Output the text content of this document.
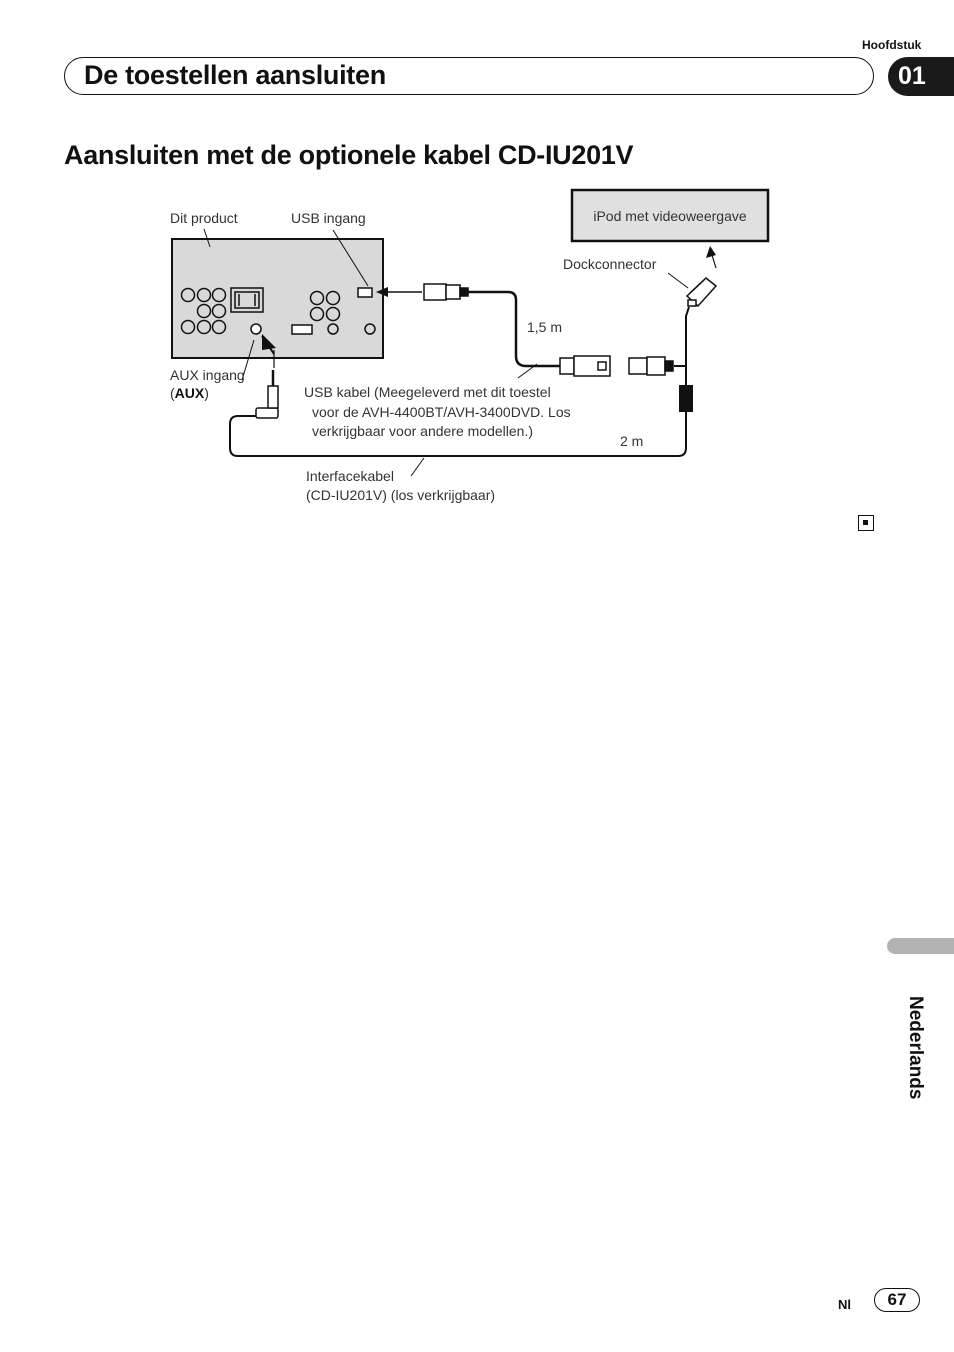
Hoofdstuk
De toestellen aansluiten	01
Aansluiten met de optionele kabel CD-IU201V
Dit product	USB ingang	iPod met videoweergave
Dockconnector
1,5 m
AUX ingang
(AUX)	USB kabel (Meegeleverd met dit toestel
voor de AVH-4400BT/AVH-3400DVD. Los
verkrijgbaar voor andere modellen.)
2 m
Interfacekabel
(CD-IU201V) (los verkrijgbaar)
Nederlands
Nl	67
